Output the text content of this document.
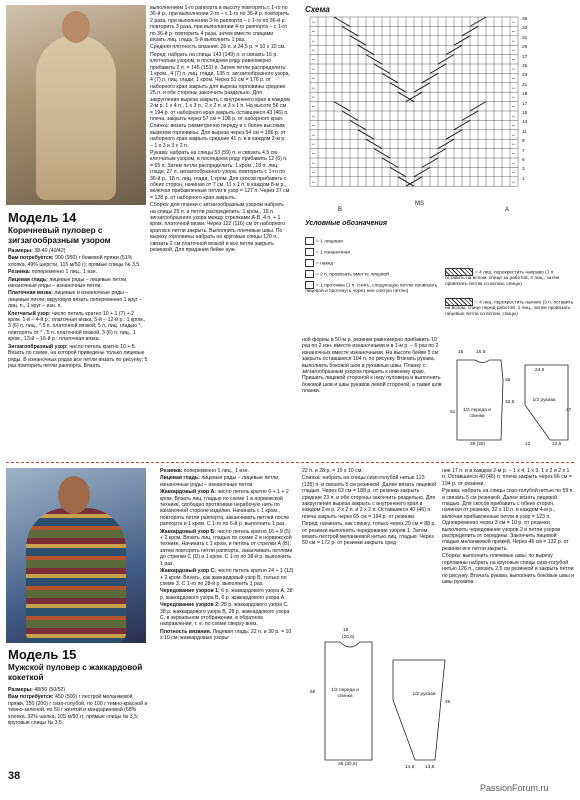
Модель 14
Коричневый пуловер с зигзагообразным узором

Размеры: 38-40 (40/42)

Вам потребуется: 900 (950) г бежевой пряжи (51% хлопка, 49% шерсти, 115 м/50 г); прямые спицы № 3,5.

Резинка: попеременно 1 лиц., 1 изн.

Лицевая гладь: лицевые ряды – лицевые петли, изнаночные ряды – изнаночные петли.

Платочная вязка: лицевые и изнаночные ряды – лицевые петли; вкруговую вязать попеременно 1 круг – лиц. п., 1 круг – изн. п.

Клетчатый узор: число петель кратно 10 + 1 (7) + 2 кром. 1-й – 4-й р.: платочная вязка; 5-й – 12-й р.: 1 кром., 3 (6) п. лиц., * 5 п. платочной вязкой, 5 п. лиц. гладью *, повторять от * , 5 п. платочной вязкой, 3 (6) п. лиц., 1 кром., 13-й – 16-й р.: платочная вязка.

Зигзагообразный узор: число петель кратно 10 + 5. Вязать по схеме, на которой приведены только лицевые ряды. В изнаночных рядах все петли вязать по рисунку; 5 раз повторить петли раппорта. Вязать

выполнением 1-го раппорта в высоту повторять с 1-го по 36-й р., при выполнении 2-го – с 1-го по 36-й р. повторить 2 раза, при выполнении 3-го раппорта – с 1-го по 36-й р. повторить 3 раза, при выполнении 4-го раппорта – с 1-го по 36-й р. повторить 4 раза, затем вместе спицами вязать лиц. гладь; 5-й выполнить 1 раз.

Средняя плотность вязания: 26 п. и 34,5 р. = 10 х 10 см.

Перед: набрать на спицы 143 (149) п. и связать 16 р. клетчатым узором, в последнем ряду равномерно прибавить 2 п. = 145 (151) п. Затем петли распределить: 1 кром., 4 (7) п. лиц. глади, 135 п. зигзагообразного узора, 4 (7) п. лиц. глади, 1 кром. Через 51 см = 176 р. от наборного края закрыть для выреза горловины средние 25 п. и обе стороны закончить раздельно. Для закругления выреза закрыть с внутреннего края в каждом 2-м р. 1 х 4 п., 1 х 3 п., 2 х 2 п. и 3 х 1 п. На высоте 56 см = 194 р. от наборного края закрыть оставшиеся 43 (46) п. плеча, закрыть через 57 см = 198 р. от наборного края.

Спинка: вязать симметрично переду и с более высоким вырезом горловины. Для выреза через 54 см = 186 р. от наборного края закрыть средние 41 п. и в каждом 2-м р. – 1 х 3 и 3 х 2 п.

Рукава: набрать на спицы 53 (59) п. и связать 4,5 см клетчатым узором, в последнем ряду прибавить 12 (6) п. = 65 п. Затем петли распределить: 1 кром., 18 п. лиц. глади, 27 п. зигзагообразного узора, повторить с 1-го по 36-й р., 18 п. лиц. глади, 1 кром. Для скосов прибавить с обеих сторон, начиная от 7 см, 11 х 1 п. в каждом 8-м р., включая прибавленные петли в узор = 127 п. Через 37 см = 128 р. от наборного края закрыть.

Сборка: для планки с зигзагообразным узором набрать на спицы 25 п. и петли распределить: 1 кром., 19 п. зигзагообразного узора между стрелками А-В, 4 п. + 1 кром. платочной вязки. Через 122 (116) см от наборного края все петли закрыть. Выполнить плечевые швы. По вырезу горловины набрать на круговые спицы 120 п., связать 2 см платочной вязкой и все петли закрыть резинкой. Для придания бейке нуж-

Схема
−	−
−	−
−	−
−	−
−	−
−	−
−	−
−	−
−	−
−	−
−	−
−	−
−	−
−	−
−	−
−	−
−	−
−	−
35
33
31
29
27
25
23
21
19
17
15
13
11
9
7
5
3
1
B
MS
A
Условные обозначения
= 1 лицевая
= 1 изнаночная
= накид
= 2 п. провязать вместе лицевой
= 1 протяжка (1 п. снять, следующую петлю провязать лицевой и протянуть через нее снятую петлю)
= 4 лиц. перекрестить направо (1 п. оставить на вспом. спице за работой, 3 лиц., затем провязать петлю со вспом. спицы)
= 4 лиц. перекрестить налево (3 п. оставить на вспом. спице перед работой, 1 лиц., затем провязать лицевые петли со вспом. спицы)

ной формы в 50-м р. резинки равномерно прибавить 10 раз по 2 изн. вместе изнаночными и в 1-м р. – 6 раз по 2 изнаночных вместе изнаночными. На высоте бейки 5 см закрыть оставшиеся 104 п. по рисунку. Втачать рукава, выполнить боковой шов и рукавные швы. Планку с зигзагообразным узором пришить к нижнему краю. Пришить лицевой стороной к низу пуловера и выполнить боковой шов и швы рукавов левой стороной, а также шов планки.

1/2 переда и спинки
28 (29)
51
15	16,5
35
32,5	1/2 рукава
24,5
37
12	12,5
Модель 15
Мужской пуловер с жаккардовой кокеткой

Размеры: 48/50 (50/52)

Вам потребуется: 450 (500) г пестрой меланжевой пряжи, 150 (200) г сизо-голубой, по 100 г темно-красной и темно-зеленой, по 50 г желтой и мандариновой (68% хлопка, 32% шелка, 105 м/50 г); прямые спицы № 3,5; круговые спицы № 3,5.

Резинка: попеременно 1 лиц., 1 изн.

Лицевая гладь: лицевые ряды – лицевые петли, изнаночные ряды – изнаночные петли.

Жаккардовый узор А: число петель кратно 6 + 1 + 2 кром. Вязать лиц. гладью по схеме 1 в норвежской технике, свободно протягивая нерабочую нить по изнаночной стороне изделия. Начинать с 1 кром., повторять петли раппорта, заканчивать петлей после раппорта и 1 кром. С 1-го по 6-й р. выполнить 1 раз.

Жаккардовый узор Б: число петель кратно 16 + 9 (5) + 2 кром. Вязать лиц. гладью по схеме 2 в норвежской технике. Начинать с 1 кром. и петель от стрелки А (В), затем повторять петли раппорта, заканчивать петлями до стрелки C (D) и 1 кром. С 1-го по 38-й р. выполнить 1 раз.

Жаккардовый узор С: число петель кратно 24 + 1 (13) + 2 кром. Вязать, как жаккардовый узор В, только по схеме 3. С 1-го по 28-й р. выполнить 1 раз.

Чередование узоров 1: 6 р. жаккардового узора А, 38 р. жаккардового узора В, 6 р. жаккардового узора А.

Чередование узоров 2: 28 р. жаккардового узора С, 38 р. жаккардового узора В, 28 р. жаккардового узора С, в зеркальном отображении, в обратном направлении, т. е. по схеме сверху вниз.

Плотность вязания. Лицевая гладь: 22 п. и 30 р. = 10 х 10 см; жаккардовые узоры:

22 п. и 28 р. = 10 х 10 см.

Спинка: набрать на спицы сизо-голубой нитью 123 (135) п. и связать 5 см резинкой. Далее вязать лицевой гладью. Через 63 см = 188 р. от резинки закрыть средние 23 п. и обе стороны закончить раздельно. Для закругления выреза закрыть с внутреннего края в каждом 2-м р. 2 х 2 п. и 2 х 2 п. Оставшиеся 40 (46) п. плеча закрыть через 65 см = 194 р. от резинки.

Перед: начинать, как спинку, только через 29 см = 88 р. от резинки выполнить чередование узоров 1. Затем вязать пестрой меланжевой нитью лиц. гладью. Через 59 см = 172 р. от резинки закрыть сред-

ние 17 п. и в каждом 2-м р. – 1 х 4, 1 х 3, 1 х 2 и 2 х 1 п. Оставшиеся 40 (46) п. плеча закрыть через 66 см = 194 р. от резинки.

Рукава: набрать на спицы сизо-голубой нитью по 59 п. и связать 5 см резинкой. Далее вязать лицевой гладью. Для скосов прибавить с обеих сторон, начиная от резинки, 32 х 10 п. в каждом 4-м р., включая прибавленные петли в узор = 123 п. Одновременно через 3 см = 10 р. от резинки выполнить чередование узоров 2 и петли узоров распределить от середины. Закончить лицевой гладью меланжевой пряжей. Через 46 см = 132 р. от резинки все петли закрыть.

Сборка: выполнить плечевые швы; по вырезу горловины набрать на круговые спицы сизо-голубой нитью 126 п., связать 2,5 см резинкой и закрыть петли по рисунку. Втачать рукава, выполнить боковые швы и швы рукавов.

1/2 переда и спинки
18
(20,5)
59
28 (30,5)
1/2 рукава
46
14,5 13,5
38
PassionForum.ru
